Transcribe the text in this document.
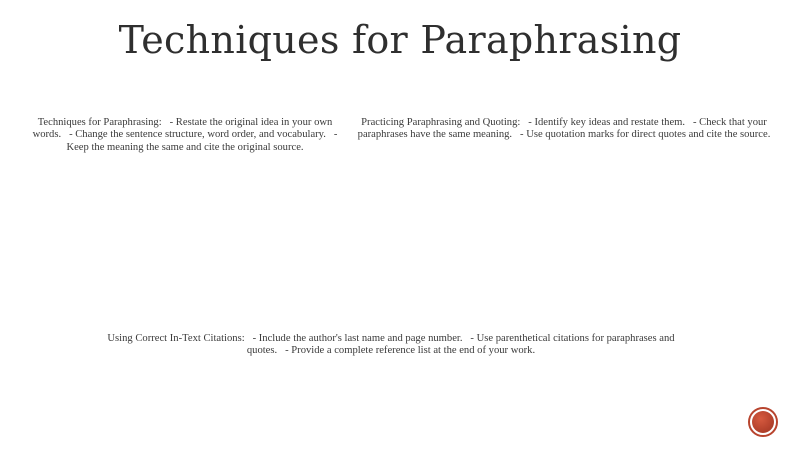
Techniques for Paraphrasing
Techniques for Paraphrasing:   - Restate the original idea in your own words.   - Change the sentence structure, word order, and vocabulary.   - Keep the meaning the same and cite the original source.
Practicing Paraphrasing and Quoting:   - Identify key ideas and restate them.   - Check that your paraphrases have the same meaning.   - Use quotation marks for direct quotes and cite the source.
Using Correct In-Text Citations:   - Include the author's last name and page number.   - Use parenthetical citations for paraphrases and quotes.   - Provide a complete reference list at the end of your work.
